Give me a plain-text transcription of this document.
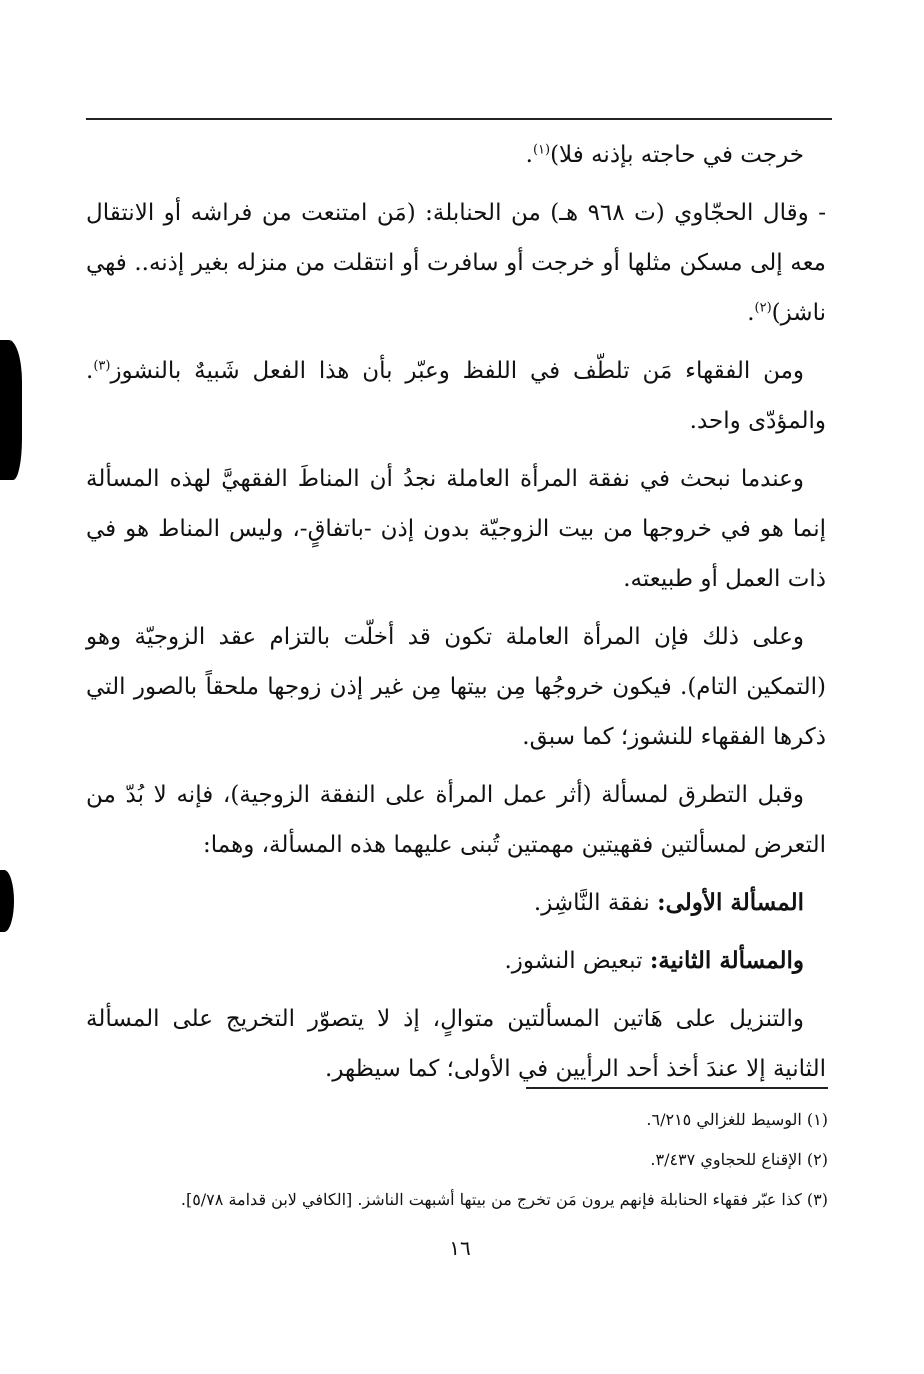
خرجت في حاجته بإذنه فلا)$^{(١)}$.

- وقال الحجّاوي (ت ٩٦٨ هـ) من الحنابلة: (مَن امتنعت من فراشه أو الانتقال معه إلى مسكن مثلها أو خرجت أو سافرت أو انتقلت من منزله بغير إذنه.. فهي ناشز)$^{(٢)}$.

ومن الفقهاء مَن تلطّف في اللفظ وعبّر بأن هذا الفعل شَبيهٌ بالنشوز$^{(٣)}$. والمؤدّى واحد.

وعندما نبحث في نفقة المرأة العاملة نجدُ أن المناطَ الفقهيَّ لهذه المسألة إنما هو في خروجها من بيت الزوجيّة بدون إذن -باتفاقٍ-، وليس المناط هو في ذات العمل أو طبيعته.

وعلى ذلك فإن المرأة العاملة تكون قد أخلّت بالتزام عقد الزوجيّة وهو (التمكين التام). فيكون خروجُها مِن بيتها مِن غير إذن زوجها ملحقاً بالصور التي ذكرها الفقهاء للنشوز؛ كما سبق.

وقبل التطرق لمسألة (أثر عمل المرأة على النفقة الزوجية)، فإنه لا بُدّ من التعرض لمسألتين فقهيتين مهمتين تُبنى عليهما هذه المسألة، وهما:

المسألة الأولى: نفقة النَّاشِز.

والمسألة الثانية: تبعيض النشوز.

والتنزيل على هَاتين المسألتين متوالٍ، إذ لا يتصوّر التخريج على المسألة الثانية إلا عندَ أخذ أحد الرأيين في الأولى؛ كما سيظهر.

(١) الوسيط للغزالي ٦/٢١٥.

(٢) الإقناع للحجاوي ٣/٤٣٧.

(٣) كذا عبّر فقهاء الحنابلة فإنهم يرون مَن تخرج من بيتها أشبهت الناشز. [الكافي لابن قدامة ٥/٧٨].

١٦
